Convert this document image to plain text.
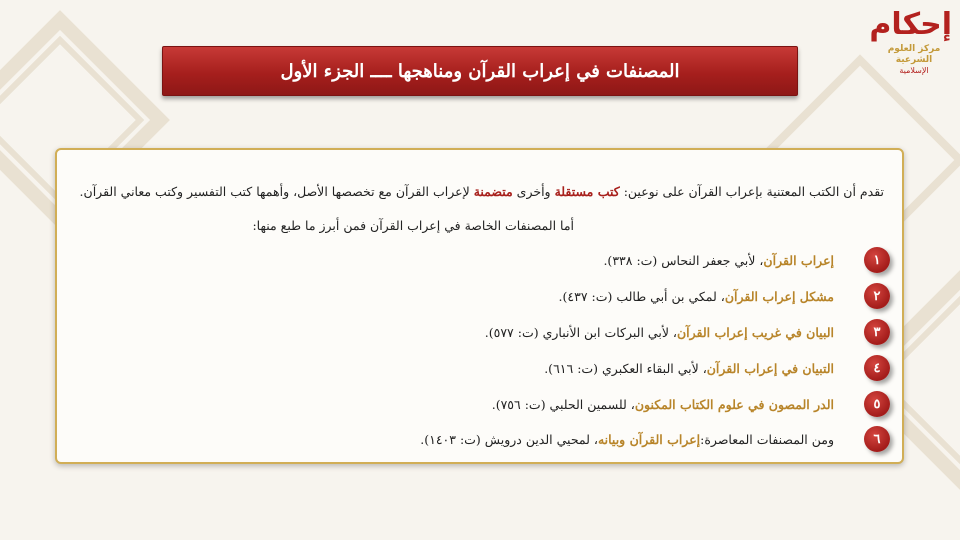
إحكام
مركز العلوم الشرعية
الإسلامية
المصنفات في إعراب القرآن ومناهجها ــــ الجزء الأول
تقدم أن الكتب المعتنية بإعراب القرآن على نوعين: كتب مستقلة وأخرى متضمنة لإعراب القرآن مع تخصصها الأصل، وأهمها كتب التفسير وكتب معاني القرآن.
أما المصنفات الخاصة في إعراب القرآن فمن أبرز ما طبع منها:
١
إعراب القرآن
، لأبي جعفر النحاس (ت: ٣٣٨).
٢
مشكل إعراب القرآن
، لمكي بن أبي طالب (ت: ٤٣٧).
٣
البيان في غريب إعراب القرآن
، لأبي البركات ابن الأنباري (ت: ٥٧٧).
٤
التبيان في إعراب القرآن
، لأبي البقاء العكبري (ت: ٦١٦).
٥
الدر المصون في علوم الكتاب المكنون
، للسمين الحلبي (ت: ٧٥٦).
٦
ومن المصنفات المعاصرة:
إعراب القرآن وبيانه
، لمحيي الدين درويش (ت: ١٤٠٣).
